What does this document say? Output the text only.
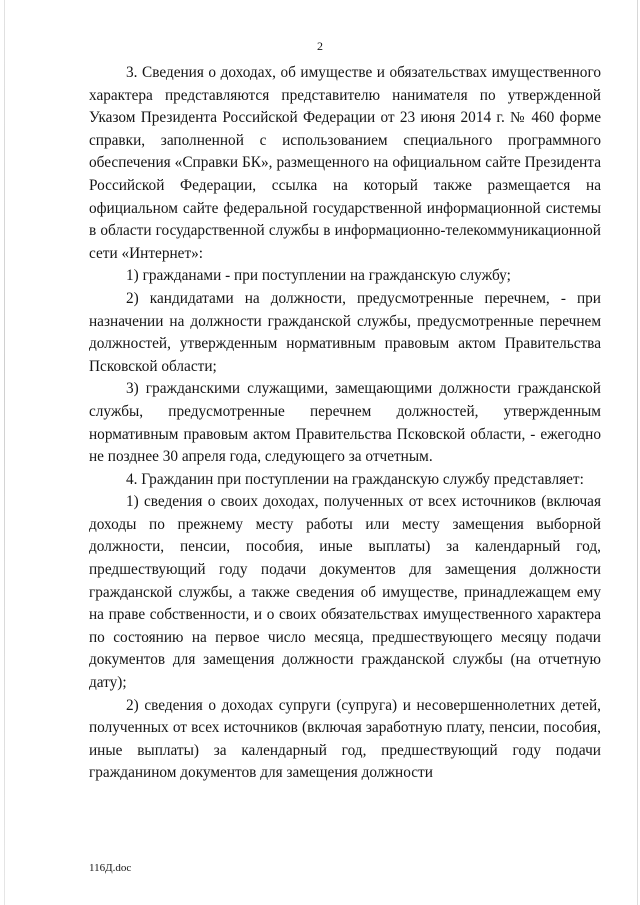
2

3. Сведения о доходах, об имуществе и обязательствах имущественного характера представляются представителю нанимателя по утвержденной Указом Президента Российской Федерации от 23 июня 2014 г. № 460 форме справки, заполненной с использованием специального программного обеспечения «Справки БК», размещенного на официальном сайте Президента Российской Федерации, ссылка на который также размещается на официальном сайте федеральной государственной информационной системы в области государственной службы в информационно-телекоммуникационной сети «Интернет»:

1) гражданами - при поступлении на гражданскую службу;

2) кандидатами на должности, предусмотренные перечнем, - при назначении на должности гражданской службы, предусмотренные перечнем должностей, утвержденным нормативным правовым актом Правительства Псковской области;

3) гражданскими служащими, замещающими должности гражданской службы, предусмотренные перечнем должностей, утвержденным нормативным правовым актом Правительства Псковской области, - ежегодно не позднее 30 апреля года, следующего за отчетным.

4. Гражданин при поступлении на гражданскую службу представляет:

1) сведения о своих доходах, полученных от всех источников (включая доходы по прежнему месту работы или месту замещения выборной должности, пенсии, пособия, иные выплаты) за календарный год, предшествующий году подачи документов для замещения должности гражданской службы, а также сведения об имуществе, принадлежащем ему на праве собственности, и о своих обязательствах имущественного характера по состоянию на первое число месяца, предшествующего месяцу подачи документов для замещения должности гражданской службы (на отчетную дату);

2) сведения о доходах супруги (супруга) и несовершеннолетних детей, полученных от всех источников (включая заработную плату, пенсии, пособия, иные выплаты) за календарный год, предшествующий году подачи гражданином документов для замещения должности

116Д.doc
